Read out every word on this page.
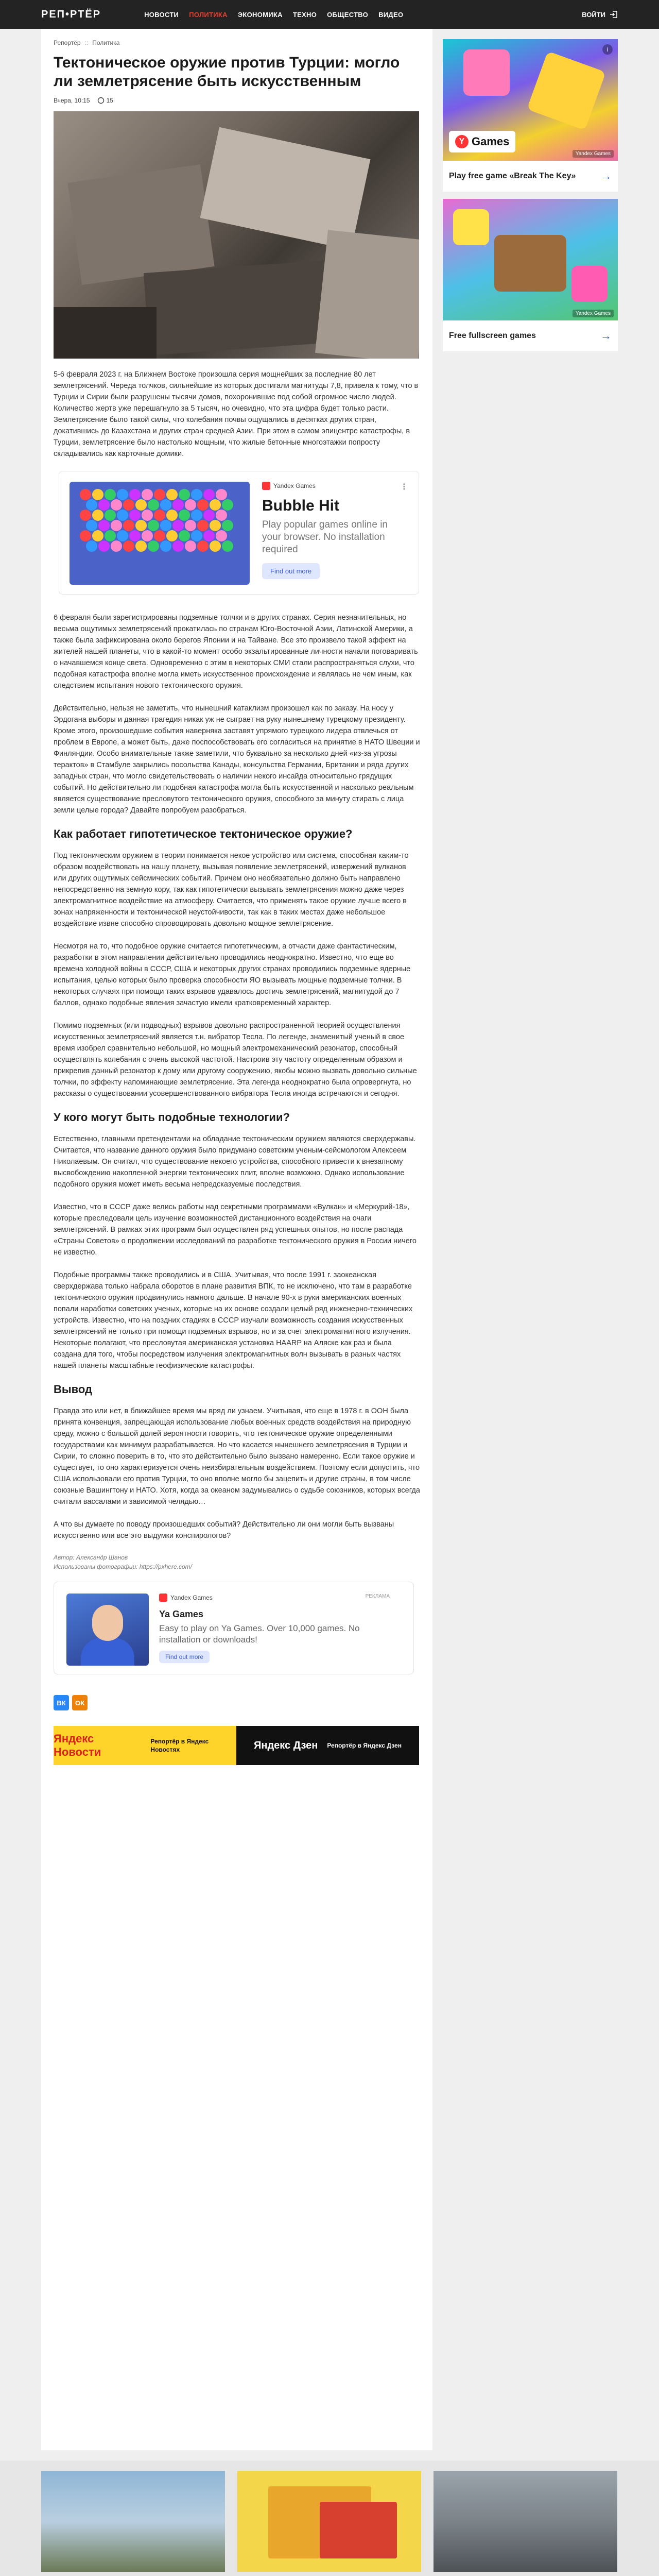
РЕП•РТЁР	НОВОСТИ ПОЛИТИКА ЭКОНОМИКА ТЕХНО ОБЩЕСТВО ВИДЕО	ВОЙТИ
Репортёр :: Политика
Тектоническое оружие против Турции: могло ли землетрясение быть искусственным
Вчера, 10:15	15

5-6 февраля 2023 г. на Ближнем Востоке произошла серия мощнейших за последние 80 лет землетрясений. Череда толчков, сильнейшие из которых достигали магнитуды 7,8, привела к тому, что в Турции и Сирии были разрушены тысячи домов, похоронившие под собой огромное число людей. Количество жертв уже перешагнуло за 5 тысяч, но очевидно, что эта цифра будет только расти. Землетрясение было такой силы, что колебания почвы ощущались в десятках других стран, докатившись до Казахстана и других стран средней Азии. При этом в самом эпицентре катастрофы, в Турции, землетрясение было настолько мощным, что жилые бетонные многоэтажки попросту складывались как карточные домики.

Yandex Games	⋮
Bubble Hit
Play popular games online in your browser. No installation required
Find out more

6 февраля были зарегистрированы подземные толчки и в других странах. Серия незначительных, но весьма ощутимых землетрясений прокатилась по странам Юго-Восточной Азии, Латинской Америки, а также была зафиксирована около берегов Японии и на Тайване. Все это произвело такой эффект на жителей нашей планеты, что в какой-то момент особо экзальтированные личности начали поговаривать о начавшемся конце света. Одновременно с этим в некоторых СМИ стали распространяться слухи, что подобная катастрофа вполне могла иметь искусственное происхождение и являлась не чем иным, как следствием испытания нового тектонического оружия.

Действительно, нельзя не заметить, что нынешний катаклизм произошел как по заказу. На носу у Эрдогана выборы и данная трагедия никак уж не сыграет на руку нынешнему турецкому президенту. Кроме этого, произошедшие события наверняка заставят упрямого турецкого лидера отвлечься от проблем в Европе, а может быть, даже поспособствовать его согласиться на принятие в НАТО Швеции и Финляндии. Особо внимательные также заметили, что буквально за несколько дней «из-за угрозы терактов» в Стамбуле закрылись посольства Канады, консульства Германии, Британии и ряда других западных стран, что могло свидетельствовать о наличии некого инсайда относительно грядущих событий. Но действительно ли подобная катастрофа могла быть искусственной и насколько реальным является существование пресловутого тектонического оружия, способного за минуту стирать с лица земли целые города? Давайте попробуем разобраться.

Как работает гипотетическое тектоническое оружие?

Под тектоническим оружием в теории понимается некое устройство или система, способная каким-то образом воздействовать на нашу планету, вызывая появление землетрясений, извержений вулканов или других ощутимых сейсмических событий. Причем оно необязательно должно быть направлено непосредственно на земную кору, так как гипотетически вызывать землетрясения можно даже через электромагнитное воздействие на атмосферу. Считается, что применять такое оружие лучше всего в зонах напряженности и тектонической неустойчивости, так как в таких местах даже небольшое воздействие извне способно спровоцировать довольно мощное землетрясение.

Несмотря на то, что подобное оружие считается гипотетическим, а отчасти даже фантастическим, разработки в этом направлении действительно проводились неоднократно. Известно, что еще во времена холодной войны в СССР, США и некоторых других странах проводились подземные ядерные испытания, целью которых было проверка способности ЯО вызывать мощные подземные толчки. В некоторых случаях при помощи таких взрывов удавалось достичь землетрясений, магнитудой до 7 баллов, однако подобные явления зачастую имели кратковременный характер.

Помимо подземных (или подводных) взрывов довольно распространенной теорией осуществления искусственных землетрясений является т.н. вибратор Тесла. По легенде, знаменитый ученый в свое время изобрел сравнительно небольшой, но мощный электромеханический резонатор, способный осуществлять колебания с очень высокой частотой. Настроив эту частоту определенным образом и прикрепив данный резонатор к дому или другому сооружению, якобы можно вызвать довольно сильные толчки, по эффекту напоминающие землетрясение. Эта легенда неоднократно была опровергнута, но рассказы о существовании усовершенствованного вибратора Тесла иногда встречаются и сегодня.

У кого могут быть подобные технологии?

Естественно, главными претендентами на обладание тектоническим оружием являются сверхдержавы. Считается, что название данного оружия было придумано советским ученым-сейсмологом Алексеем Николаевым. Он считал, что существование некоего устройства, способного привести к внезапному высвобождению накопленной энергии тектонических плит, вполне возможно. Однако использование подобного оружия может иметь весьма непредсказуемые последствия.

Известно, что в СССР даже велись работы над секретными программами «Вулкан» и «Меркурий-18», которые преследовали цель изучение возможностей дистанционного воздействия на очаги землетрясений. В рамках этих программ был осуществлен ряд успешных опытов, но после распада «Страны Советов» о продолжении исследований по разработке тектонического оружия в России ничего не известно.

Подобные программы также проводились и в США. Учитывая, что после 1991 г. заокеанская сверхдержава только набрала оборотов в плане развития ВПК, то не исключено, что там в разработке тектонического оружия продвинулись намного дальше. В начале 90-х в руки американских военных попали наработки советских ученых, которые на их основе создали целый ряд инженерно-технических устройств. Известно, что на поздних стадиях в СССР изучали возможность создания искусственных землетрясений не только при помощи подземных взрывов, но и за счет электромагнитного излучения. Некоторые полагают, что пресловутая американская установка HAARP на Аляске как раз и была создана для того, чтобы посредством излучения электромагнитных волн вызывать в разных частях нашей планеты масштабные геофизические катастрофы.

Вывод

Правда это или нет, в ближайшее время мы вряд ли узнаем. Учитывая, что еще в 1978 г. в ООН была принята конвенция, запрещающая использование любых военных средств воздействия на природную среду, можно с большой долей вероятности говорить, что тектоническое оружие определенными государствами как минимум разрабатывается. Но что касается нынешнего землетрясения в Турции и Сирии, то сложно поверить в то, что это действительно было вызвано намеренно. Если такое оружие и существует, то оно характеризуется очень неизбирательным воздействием. Поэтому если допустить, что США использовали его против Турции, то оно вполне могло бы зацепить и другие страны, в том числе союзные Вашингтону и НАТО. Хотя, когда за океаном задумывались о судьбе союзников, которых всегда считали вассалами и зависимой челядью…

А что вы думаете по поводу произошедших событий? Действительно ли они могли быть вызваны искусственно или все это выдумки конспирологов?

Автор: Александр Шанов
Использованы фотографии: https://pxhere.com/
Yandex Games	РЕКЛАМА
Ya Games
Easy to play on Ya Games. Over 10,000 games. No installation or downloads!
Find out more
ВК	ОК
Яндекс Новости
Репортёр в Яндекс Новостях	Яндекс Дзен Репортёр в Яндекс Дзен
i
Y Games
Yandex Games
Play free game «Break The Key» →
Yandex Games
Free fullscreen games	→
